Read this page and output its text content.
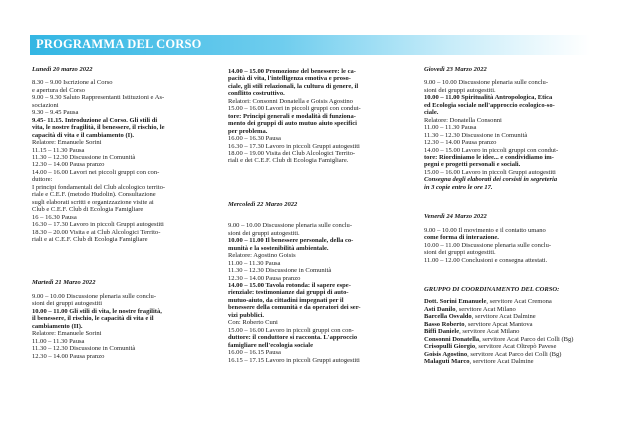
PROGRAMMA DEL CORSO

Lunedì 20 marzo 2022

8.30 – 9.00 Iscrizione al Corso

e apertura del Corso

9.00 – 9.30 Saluto Rappresentanti Istituzioni e As-

sociazioni

9.30 – 9.45 Pausa

9.45- 11.15. Introduzione al Corso. Gli stili di

vita, le nostre fragilità, il benessere, il rischio, le

capacità di vita e il cambiamento (I).

Relatore: Emanuele Sorini

11.15 – 11.30 Pausa

11.30 – 12.30 Discussione in Comunità

12.30 – 14.00 Pausa pranzo

14.00 – 16.00 Lavori nei piccoli gruppi con con-

duttore:

I principi fondamentali del Club alcologico territo-

riale e C.E.F. (metodo Hudolin). Consultazione

sugli elaborati scritti e organizzazione visite ai

Club e C.E.F. Club di Ecologia Famigliare

16 – 16.30 Pausa

16.30 – 17.30 Lavoro in piccoli Gruppi autogestiti

18.30 – 20.00 Visita e ai Club Alcologici Territo-

riali e ai C.E.F. Club di Ecologia Famigliare

Martedì 21 Marzo 2022

9.00 – 10.00 Discussione plenaria sulle conclu-

sioni dei gruppi autogestiti

10.00 – 11.00 Gli stili di vita, le nostre fragilità,

il benessere, il rischio, le capacità di vita e il

cambiamento (II).

Relatore: Emanuele Sorini

11.00 – 11.30 Pausa

11.30 – 12.30 Discussione in Comunità

12.30 – 14.00 Pausa pranzo

14.00 – 15.00 Promozione del benessere: le ca-

pacità di vita, l'intelligenza emotiva e proso-

ciale, gli stili relazionali, la cultura di genere, il

conflitto costruttivo.

Relatori: Consonni Donatella e Goisis Agostino

15.00 – 16.00 Lavori in piccoli gruppi con condut-

tore: Principi generali e modalità di funziona-

mento dei gruppi di auto mutuo aiuto specifici

per problema.

16.00 – 16.30 Pausa

16.30 – 17.30 Lavoro in piccoli Gruppi autogestiti

18.00 – 19.00 Visita dei Club Alcologici Territo-

riali e dei C.E.F. Club di Ecologia Famigliare.

Mercoledì 22 Marzo 2022

9.00 – 10.00 Discussione plenaria sulle conclu-

sioni dei gruppi autogestiti.

10.00 – 11.00 Il benessere personale, della co-

munità e la sostenibilità ambientale.

Relatore: Agostino Goisis

11.00 – 11.30 Pausa

11.30 – 12.30 Discussione in Comunità

12.30 – 14.00 Pausa pranzo

14.00 – 15.00 Tavola rotonda: il sapere espe-

rienziale: testimonianze dai gruppi di auto-

mutuo-aiuto, da cittadini impegnati per il

benessere della comunità e da operatori dei ser-

vizi pubblici.

Con: Roberto Cuni

15.00 – 16.00 Lavoro in piccoli gruppi con con-

duttore: il conduttore si racconta. L'approccio

famigliare nell'ecologia sociale

16.00 – 16.15 Pausa

16.15 – 17.15 Lavoro in piccoli Gruppi autogestiti

Giovedì 23 Marzo 2022

9.00 – 10.00 Discussione plenaria sulle conclu-

sioni dei gruppi autogestiti.

10.00 – 11.00 Spiritualità Antropologica, Etica

ed Ecologia sociale nell'approccio ecologico-so-

ciale.

Relatore: Donatella Consonni

11.00 – 11.30 Pausa

11.30 – 12.30 Discussione in Comunità

12.30 – 14.00 Pausa pranzo

14.00 – 15.00 Lavoro in piccoli gruppi con condut-

tore: Riordiniamo le idee... e condividiamo im-

pegni e progetti personali e sociali.

15.00 – 16.00 Lavoro in piccoli Gruppi autogestiti

Consegna degli elaborati dei corsisti in segreteria

in 3 copie entro le ore 17.

Venerdì 24 Marzo 2022

9.00 – 10.00 Il movimento e il contatto umano

come forma di interazione.

10.00 – 11.00 Discussione plenaria sulle conclu-

sioni dei gruppi autogestiti.

11.00 – 12.00 Conclusioni e consegna attestati.

GRUPPO DI COORDINAMENTO DEL CORSO:

Dott. Sorini Emanuele, servitore Acat Cremona

Asti Danilo, servitore Acat Milano

Barcella Osvaldo, servitore Acat Dalmine

Basso Roberto, servitore Apcat Mantova

Biffi Daniele, servitore Acat Milano

Consonni Donatella, servitore Acat Parco dei Colli (Bg)

Crisopulli Giorgio, servitore Acat Oltrepò Pavese

Goisis Agostino, servitore Acat Parco dei Colli (Bg)

Malaguti Marco, servitore Acat Dalmine
